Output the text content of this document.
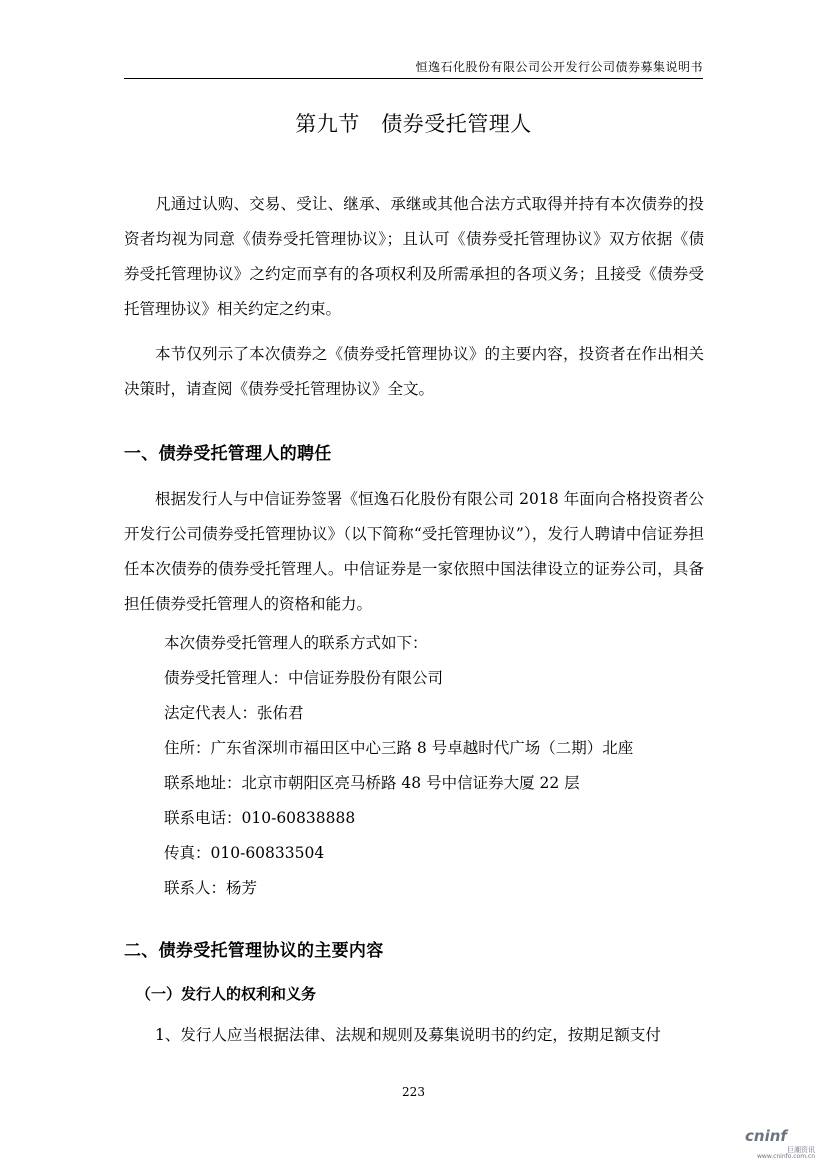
恒逸石化股份有限公司公开发行公司债券募集说明书
第九节　债券受托管理人

凡通过认购、交易、受让、继承、承继或其他合法方式取得并持有本次债券的投资者均视为同意《债券受托管理协议》；且认可《债券受托管理协议》双方依据《债券受托管理协议》之约定而享有的各项权利及所需承担的各项义务；且接受《债券受托管理协议》相关约定之约束。

本节仅列示了本次债券之《债券受托管理协议》的主要内容，投资者在作出相关决策时，请查阅《债券受托管理协议》全文。

一、债券受托管理人的聘任

根据发行人与中信证券签署《恒逸石化股份有限公司 2018 年面向合格投资者公开发行公司债券受托管理协议》（以下简称“受托管理协议”），发行人聘请中信证券担任本次债券的债券受托管理人。中信证券是一家依照中国法律设立的证券公司，具备担任债券受托管理人的资格和能力。

本次债券受托管理人的联系方式如下：

债券受托管理人：中信证券股份有限公司

法定代表人：张佑君

住所：广东省深圳市福田区中心三路 8 号卓越时代广场（二期）北座

联系地址：北京市朝阳区亮马桥路 48 号中信证券大厦 22 层

联系电话：010-60838888

传真：010-60833504

联系人：杨芳

二、债券受托管理协议的主要内容

（一）发行人的权利和义务

1、发行人应当根据法律、法规和规则及募集说明书的约定，按期足额支付

223
cninf
巨潮资讯
www.cninfo.com.cn
